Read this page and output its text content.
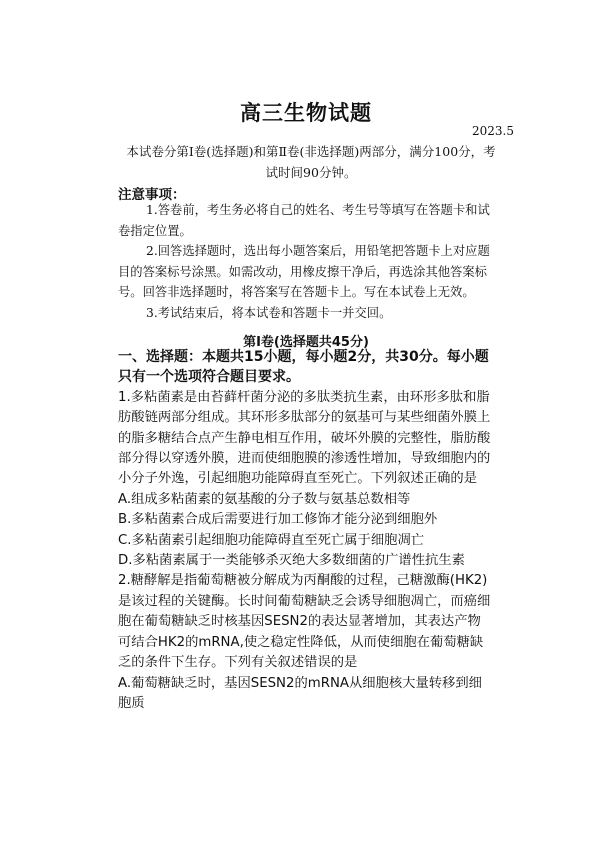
高三生物试题
2023.5
本试卷分第Ⅰ卷(选择题)和第Ⅱ卷(非选择题)两部分，满分100分，考试时间90分钟。
注意事项：

1.答卷前，考生务必将自己的姓名、考生号等填写在答题卡和试卷指定位置。

2.回答选择题时，选出每小题答案后，用铅笔把答题卡上对应题目的答案标号涂黑。如需改动，用橡皮擦干净后，再选涂其他答案标号。回答非选择题时，将答案写在答题卡上。写在本试卷上无效。

3.考试结束后，将本试卷和答题卡一并交回。

第Ⅰ卷(选择题共45分)

一、选择题：本题共15小题，每小题2分，共30分。每小题只有一个选项符合题目要求。

1.多粘菌素是由苔藓杆菌分泌的多肽类抗生素，由环形多肽和脂肪酸链两部分组成。其环形多肽部分的氨基可与某些细菌外膜上的脂多糖结合点产生静电相互作用，破坏外膜的完整性，脂肪酸部分得以穿透外膜，进而使细胞膜的渗透性增加，导致细胞内的小分子外逸，引起细胞功能障碍直至死亡。下列叙述正确的是

A.组成多粘菌素的氨基酸的分子数与氨基总数相等

B.多粘菌素合成后需要进行加工修饰才能分泌到细胞外

C.多粘菌素引起细胞功能障碍直至死亡属于细胞凋亡

D.多粘菌素属于一类能够杀灭绝大多数细菌的广谱性抗生素

2.糖酵解是指葡萄糖被分解成为丙酮酸的过程，己糖激酶(HK2)是该过程的关键酶。长时间葡萄糖缺乏会诱导细胞凋亡，而癌细胞在葡萄糖缺乏时核基因SESN2的表达显著增加，其表达产物可结合HK2的mRNA,使之稳定性降低，从而使细胞在葡萄糖缺乏的条件下生存。下列有关叙述错误的是

A.葡萄糖缺乏时，基因SESN2的mRNA从细胞核大量转移到细胞质
